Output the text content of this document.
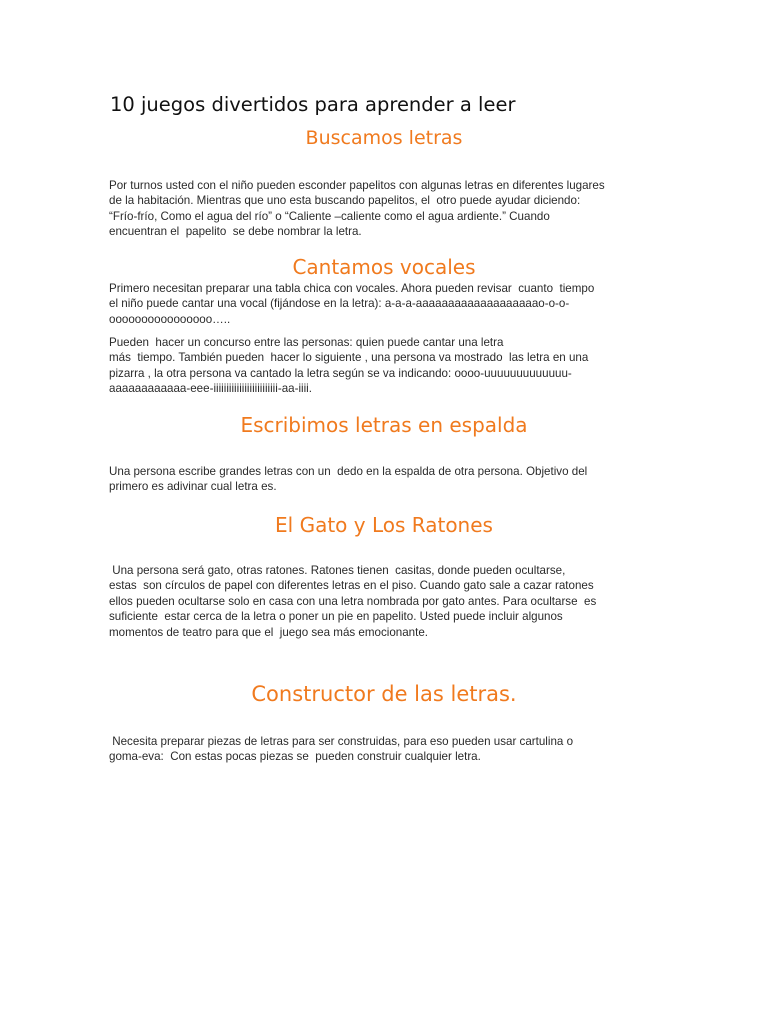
10 juegos divertidos para aprender a leer
Buscamos letras

Por turnos usted con el niño pueden esconder papelitos con algunas letras en diferentes lugares
de la habitación. Mientras que uno esta buscando papelitos, el  otro puede ayudar diciendo:
“Frío-frío, Como el agua del río” o “Caliente –caliente como el agua ardiente.” Cuando
encuentran el  papelito  se debe nombrar la letra.

Cantamos vocales

Primero necesitan preparar una tabla chica con vocales. Ahora pueden revisar  cuanto  tiempo
el niño puede cantar una vocal (fijándose en la letra): a-a-a-aaaaaaaaaaaaaaaaaaao-o-o-
oooooooooooooooo…..

Pueden  hacer un concurso entre las personas: quien puede cantar una letra
más  tiempo. También pueden  hacer lo siguiente , una persona va mostrado  las letra en una
pizarra , la otra persona va cantado la letra según se va indicando: oooo-uuuuuuuuuuuuu-
aaaaaaaaaaaa-eee-iiiiiiiiiiiiiiiiiiiiiiiii-aa-iiii.

Escribimos letras en espalda

Una persona escribe grandes letras con un  dedo en la espalda de otra persona. Objetivo del
primero es adivinar cual letra es.

El Gato y Los Ratones

Una persona será gato, otras ratones. Ratones tienen  casitas, donde pueden ocultarse,
estas  son círculos de papel con diferentes letras en el piso. Cuando gato sale a cazar ratones
ellos pueden ocultarse solo en casa con una letra nombrada por gato antes. Para ocultarse  es
suficiente  estar cerca de la letra o poner un pie en papelito. Usted puede incluir algunos
momentos de teatro para que el  juego sea más emocionante.

Constructor de las letras.

Necesita preparar piezas de letras para ser construidas, para eso pueden usar cartulina o
goma-eva:  Con estas pocas piezas se  pueden construir cualquier letra.
